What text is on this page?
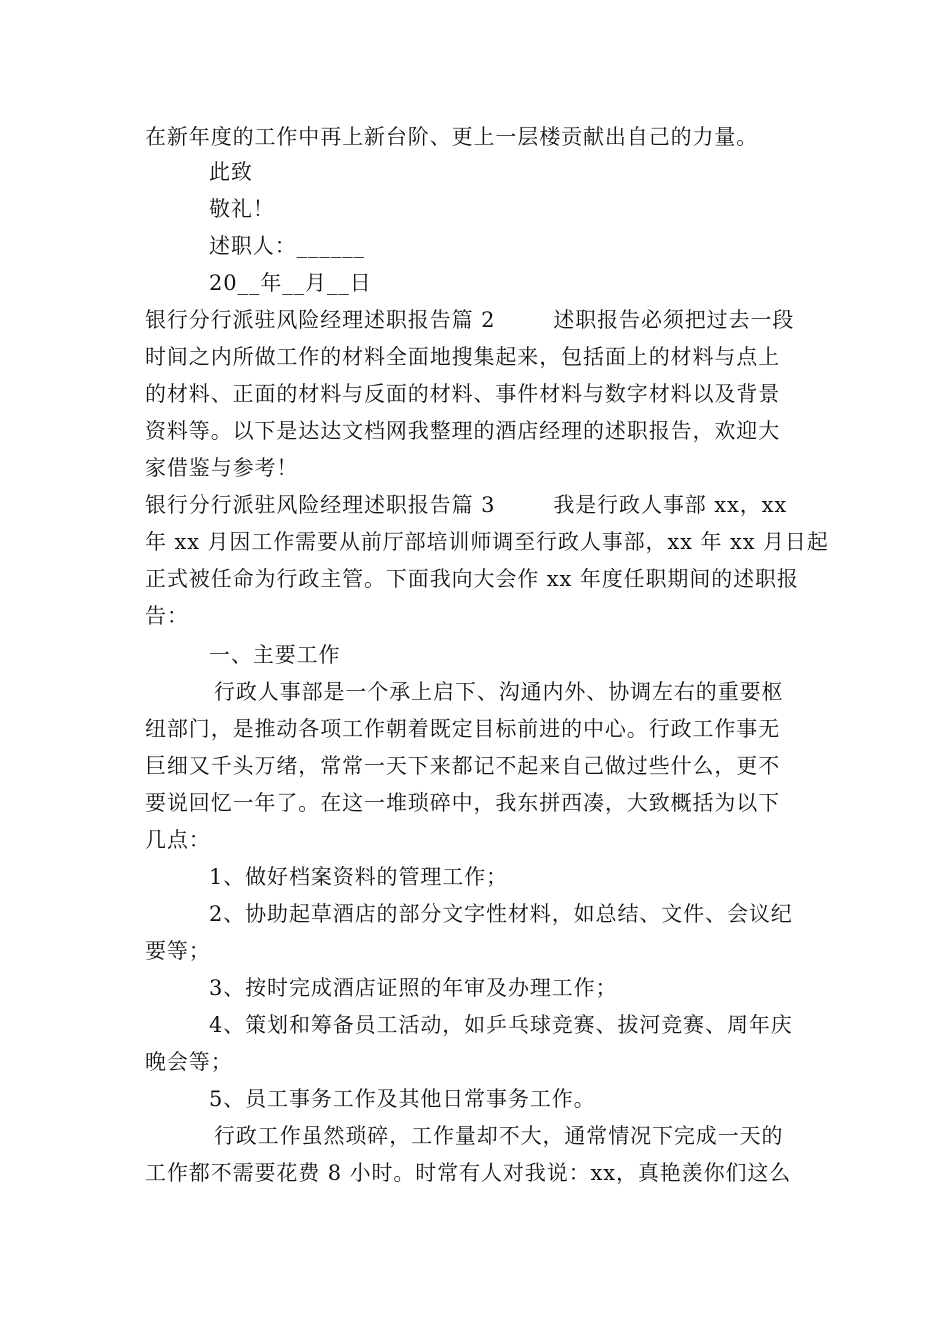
在新年度的工作中再上新台阶、更上一层楼贡献出自己的力量。
此致
敬礼！
述职人：______
20__年__月__日
银行分行派驻风险经理述职报告篇 2	述职报告必须把过去一段
时间之内所做工作的材料全面地搜集起来，包括面上的材料与点上
的材料、正面的材料与反面的材料、事件材料与数字材料以及背景
资料等。以下是达达文档网我整理的酒店经理的述职报告，欢迎大
家借鉴与参考！
银行分行派驻风险经理述职报告篇 3	我是行政人事部 xx，xx
年 xx 月因工作需要从前厅部培训师调至行政人事部，xx 年 xx 月日起
正式被任命为行政主管。下面我向大会作 xx 年度任职期间的述职报
告：
一、主要工作
行政人事部是一个承上启下、沟通内外、协调左右的重要枢
纽部门，是推动各项工作朝着既定目标前进的中心。行政工作事无
巨细又千头万绪，常常一天下来都记不起来自己做过些什么，更不
要说回忆一年了。在这一堆琐碎中，我东拼西凑，大致概括为以下
几点：
1、做好档案资料的管理工作；
2、协助起草酒店的部分文字性材料，如总结、文件、会议纪
要等；
3、按时完成酒店证照的年审及办理工作；
4、策划和筹备员工活动，如乒乓球竞赛、拔河竞赛、周年庆
晚会等；
5、员工事务工作及其他日常事务工作。
行政工作虽然琐碎，工作量却不大，通常情况下完成一天的
工作都不需要花费 8 小时。时常有人对我说：xx，真艳羡你们这么
